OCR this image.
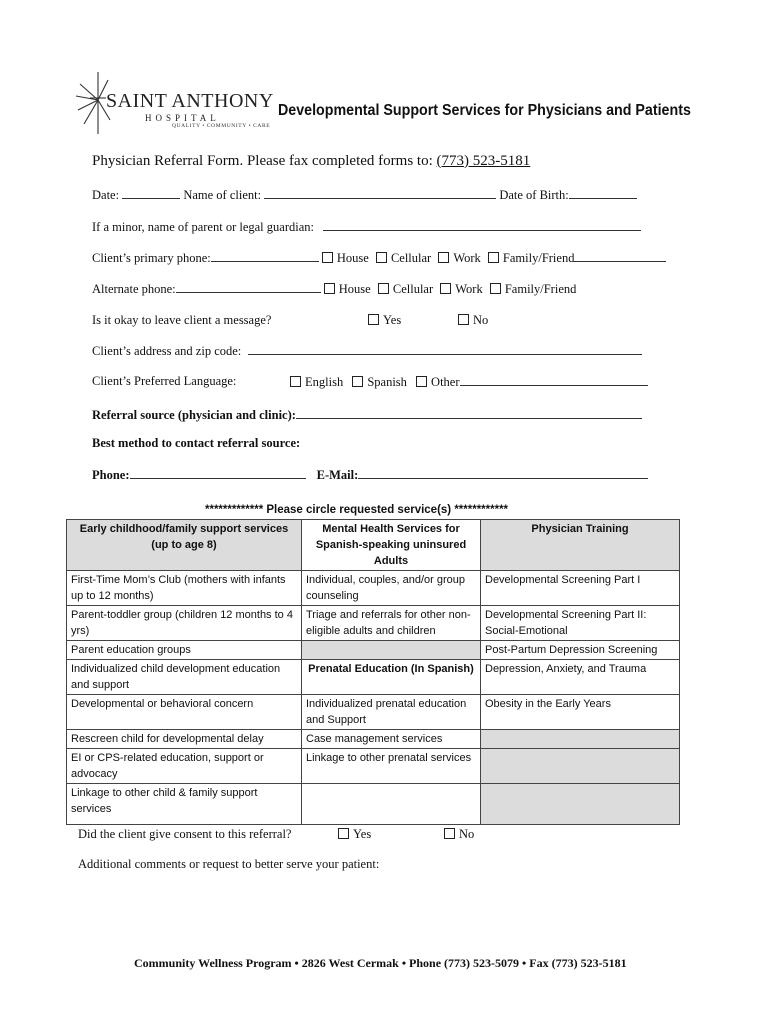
SAINT ANTHONY
HOSPITAL
QUALITY • COMMUNITY • CARE
Developmental Support Services for Physicians and Patients
Physician Referral Form. Please fax completed forms to: (773) 523-5181
Date:	Name of client:	Date of Birth:
If a minor, name of parent or legal guardian:
Client’s primary phone:	House Cellular Work Family/Friend
Alternate phone:	House Cellular Work Family/Friend
Is it okay to leave client a message?	Yes	No
Client’s address and zip code:
Client’s Preferred Language:	English Spanish Other
Referral source (physician and clinic):
Best method to contact referral source:
Phone:	E-Mail:
************* Please circle requested service(s) ************
Early childhood/family support services (up to age 8)	Mental Health Services for Spanish-speaking uninsured Adults	Physician Training
First-Time Mom’s Club (mothers with infants up to 12 months)	Individual, couples, and/or group counseling	Developmental Screening Part I
Parent-toddler group (children 12 months to 4 yrs)	Triage and referrals for other non-eligible adults and children	Developmental Screening Part II: Social-Emotional
Parent education groups		Post-Partum Depression Screening
Individualized child development education and support	Prenatal Education (In Spanish)	Depression, Anxiety, and Trauma
Developmental or behavioral concern	Individualized prenatal education and Support	Obesity in the Early Years
Rescreen child for developmental delay	Case management services	
EI or CPS-related education, support or advocacy	Linkage to other prenatal services	
Linkage to other child & family support services		
Did the client give consent to this referral?	Yes	No
Additional comments or request to better serve your patient:
Community Wellness Program • 2826 West Cermak • Phone (773) 523-5079 • Fax (773) 523-5181
